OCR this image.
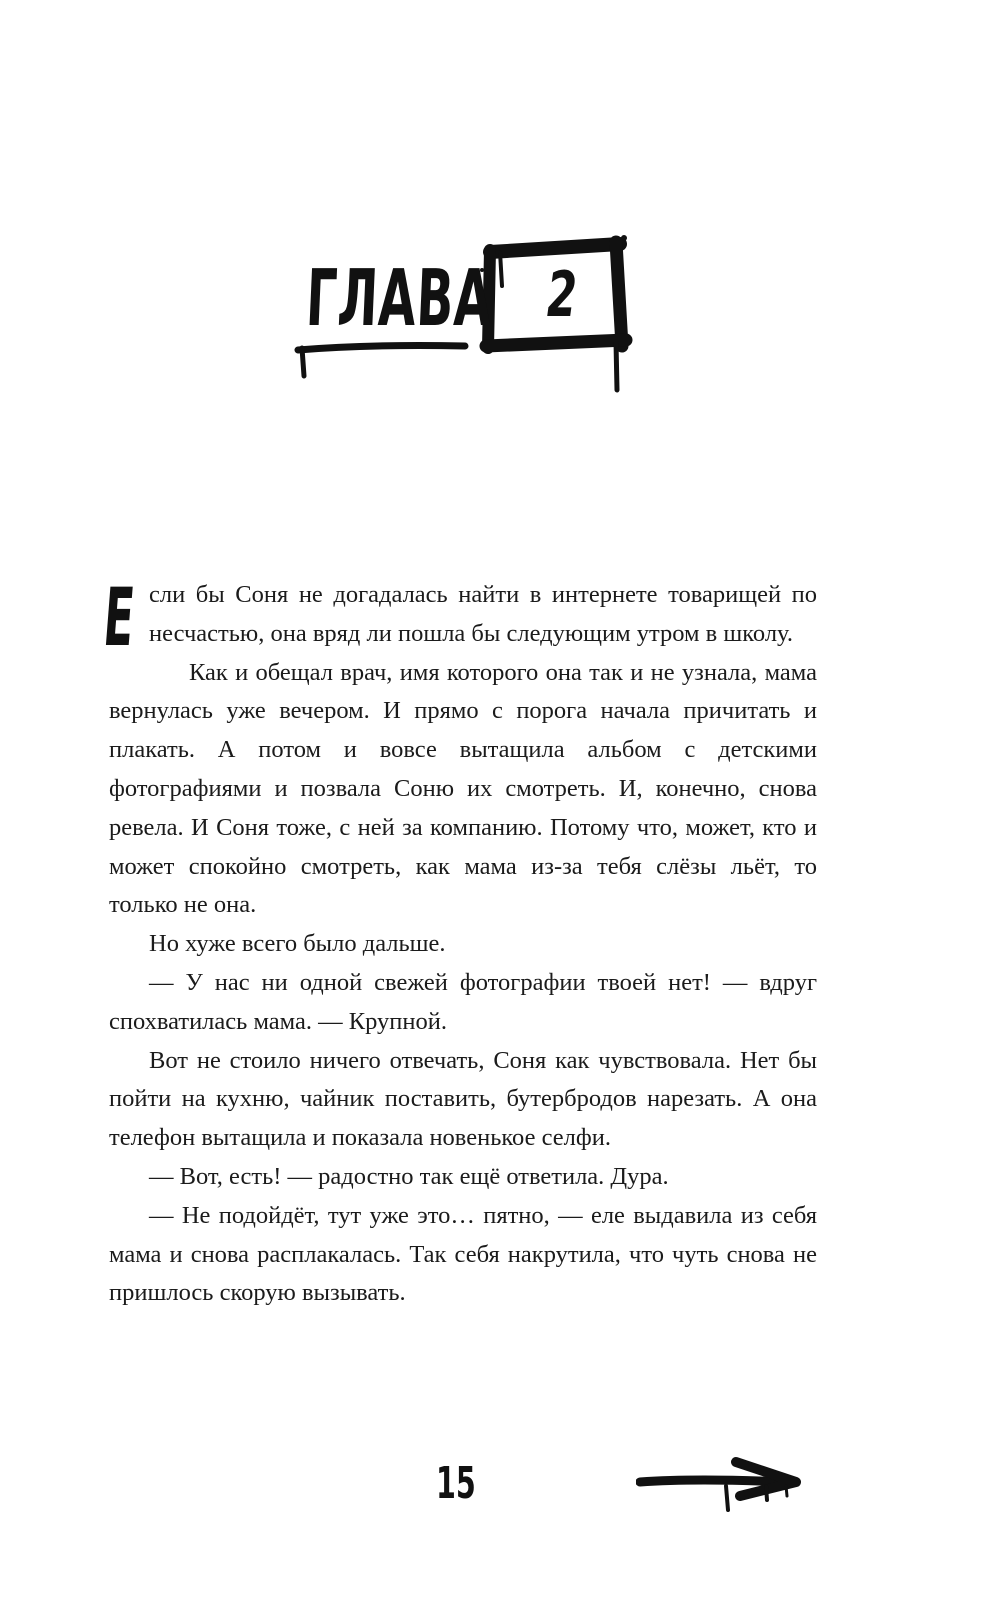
ГЛАВА 2

Е сли бы Соня не догадалась найти в интернете товарищей по несчастью, она вряд ли пошла бы следующим утром в школу.

Как и обещал врач, имя которого она так и не узнала, мама вернулась уже вечером. И прямо с порога начала причитать и плакать. А потом и вовсе вытащила альбом с детскими фотографиями и позвала Соню их смотреть. И, конечно, снова ревела. И Соня тоже, с ней за компанию. Потому что, может, кто и может спокойно смотреть, как мама из-за тебя слёзы льёт, то только не она.

Но хуже всего было дальше.

— У нас ни одной свежей фотографии твоей нет! — вдруг спохватилась мама. — Крупной.

Вот не стоило ничего отвечать, Соня как чувствовала. Нет бы пойти на кухню, чайник поставить, бутербродов нарезать. А она телефон вытащила и показала новенькое селфи.

— Вот, есть! — радостно так ещё ответила. Дура.

— Не подойдёт, тут уже это… пятно, — еле выдавила из себя мама и снова расплакалась. Так себя накрутила, что чуть снова не пришлось скорую вызывать.

15
